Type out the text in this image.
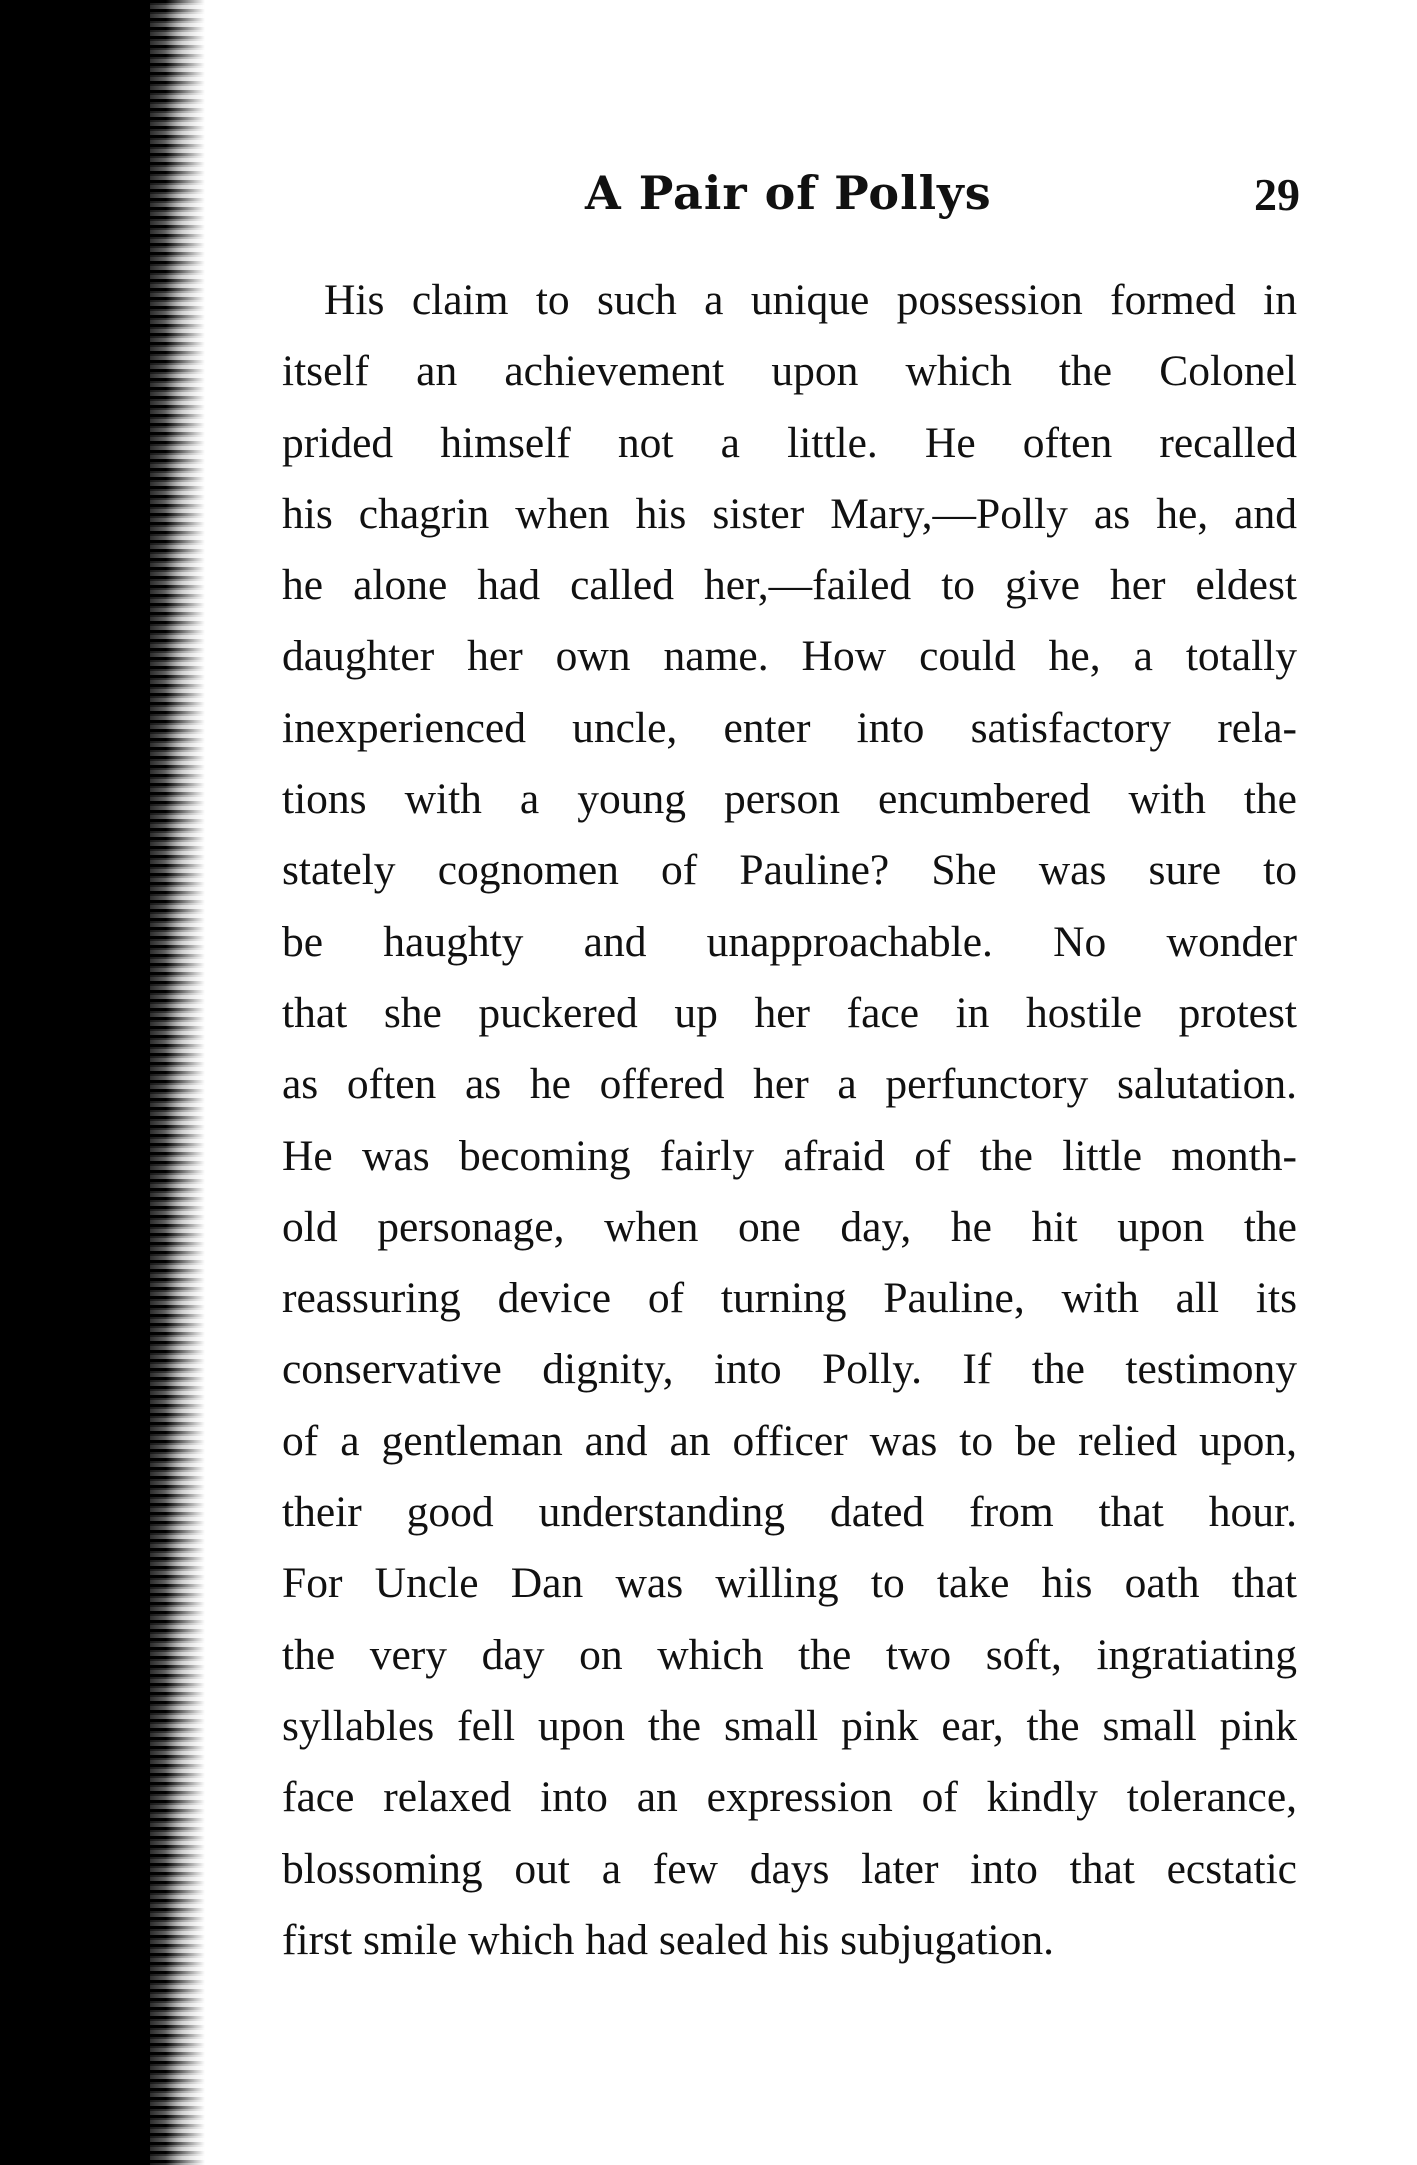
A Pair of Pollys	29
His claim to such a unique possession formed in
itself an achievement upon which the Colonel
prided himself not a little. He often recalled
his chagrin when his sister Mary,—Polly as he, and
he alone had called her,—failed to give her eldest
daughter her own name. How could he, a totally
inexperienced uncle, enter into satisfactory rela-
tions with a young person encumbered with the
stately cognomen of Pauline? She was sure to
be haughty and unapproachable. No wonder
that she puckered up her face in hostile protest
as often as he offered her a perfunctory salutation.
He was becoming fairly afraid of the little month-
old personage, when one day, he hit upon the
reassuring device of turning Pauline, with all its
conservative dignity, into Polly. If the testimony
of a gentleman and an officer was to be relied upon,
their good understanding dated from that hour.
For Uncle Dan was willing to take his oath that
the very day on which the two soft, ingratiating
syllables fell upon the small pink ear, the small pink
face relaxed into an expression of kindly tolerance,
blossoming out a few days later into that ecstatic
first smile which had sealed his subjugation.
